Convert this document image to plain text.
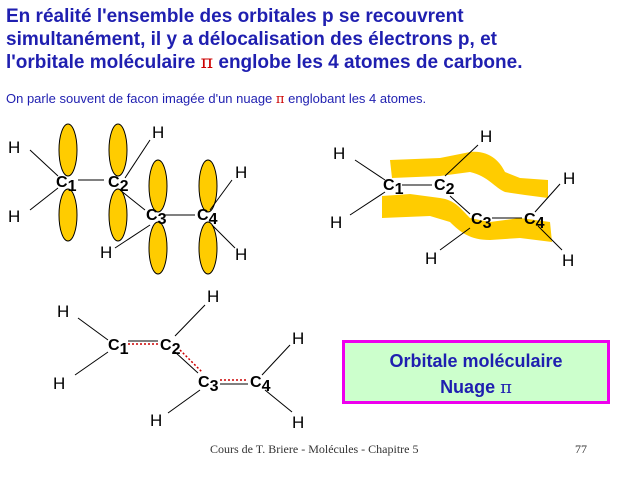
En réalité l'ensemble des orbitales p se recouvrent
simultanément, il y a délocalisation des électrons p, et
l'orbitale moléculaire π englobe les 4 atomes de carbone.
On parle souvent de facon imagée d'un nuage π englobant les 4 atomes.
H
H
H
H
H	H
C1 C2
C3 C4
H
H
H
H
H	H
C1 C2
C3 C4
H
H
H
H
H	H
C1 C2
C3 C4
Orbitale moléculaire
Nuage π
Cours de T. Briere - Molécules - Chapitre 5	77
